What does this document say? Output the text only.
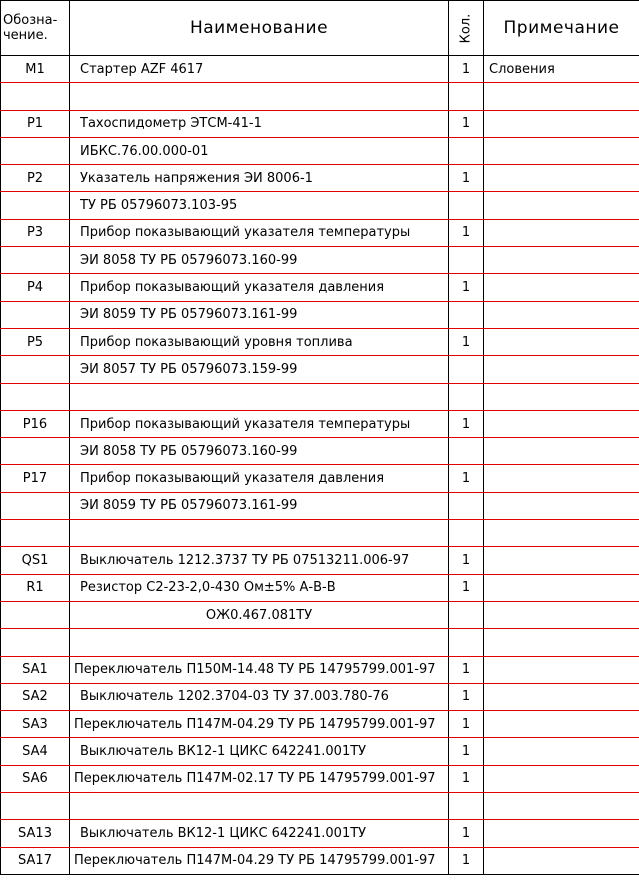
Обозна-
чение.	Наименование	Кол.	Примечание
M1	Стартер AZF 4617	1	Словения

P1	Тахоспидометр ЭТСМ-41-1	1	
	ИБКС.76.00.000-01		
P2	Указатель напряжения ЭИ 8006-1	1	
	ТУ РБ 05796073.103-95		
P3	Прибор показывающий указателя температуры	1	
	ЭИ 8058 ТУ РБ 05796073.160-99		
P4	Прибор показывающий указателя давления	1	
	ЭИ 8059 ТУ РБ 05796073.161-99		
P5	Прибор показывающий уровня топлива	1	
	ЭИ 8057 ТУ РБ 05796073.159-99		

P16	Прибор показывающий указателя температуры	1	
	ЭИ 8058 ТУ РБ 05796073.160-99		
P17	Прибор показывающий указателя давления	1	
	ЭИ 8059 ТУ РБ 05796073.161-99		

QS1	Выключатель 1212.3737 ТУ РБ 07513211.006-97	1	
R1	Резистор С2-23-2,0-430 Ом±5% А-В-В	1	
	ОЖ0.467.081ТУ		

SA1	Переключатель П150М-14.48 ТУ РБ 14795799.001-97	1	
SA2	Выключатель 1202.3704-03 ТУ 37.003.780-76	1	
SA3	Переключатель П147М-04.29 ТУ РБ 14795799.001-97	1	
SA4	Выключатель ВК12-1 ЦИКС 642241.001ТУ	1	
SA6	Переключатель П147М-02.17 ТУ РБ 14795799.001-97	1	

SA13	Выключатель ВК12-1 ЦИКС 642241.001ТУ	1	
SA17	Переключатель П147М-04.29 ТУ РБ 14795799.001-97	1	
